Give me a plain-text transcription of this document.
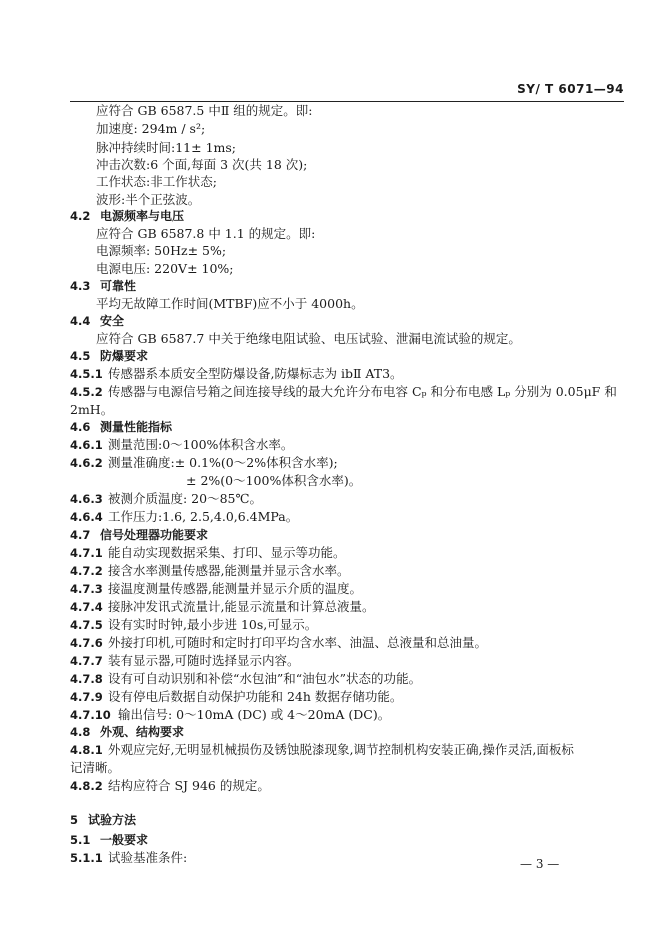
SY/ T 6071—94
应符合 GB 6587.5 中Ⅱ 组的规定。即:
加速度: 294m / s²;
脉冲持续时间:11± 1ms;
冲击次数:6 个面,每面 3 次(共 18 次);
工作状态:非工作状态;
波形:半个正弦波。
4.2 电源频率与电压
应符合 GB 6587.8 中 1.1 的规定。即:
电源频率: 50Hz± 5%;
电源电压: 220V± 10%;
4.3 可靠性
平均无故障工作时间(MTBF)应不小于 4000h。
4.4 安全
应符合 GB 6587.7 中关于绝缘电阻试验、电压试验、泄漏电流试验的规定。
4.5 防爆要求
4.5.1 传感器系本质安全型防爆设备,防爆标志为 ibⅡ AT3。
4.5.2 传感器与电源信号箱之间连接导线的最大允许分布电容 Cₚ 和分布电感 Lₚ 分别为 0.05μF 和
2mH。
4.6 测量性能指标
4.6.1 测量范围:0～100%体积含水率。
4.6.2 测量准确度:± 0.1%(0～2%体积含水率);
± 2%(0～100%体积含水率)。
4.6.3 被测介质温度: 20～85℃。
4.6.4 工作压力:1.6, 2.5,4.0,6.4MPa。
4.7 信号处理器功能要求
4.7.1 能自动实现数据采集、打印、显示等功能。
4.7.2 接含水率测量传感器,能测量并显示含水率。
4.7.3 接温度测量传感器,能测量并显示介质的温度。
4.7.4 接脉冲发讯式流量计,能显示流量和计算总液量。
4.7.5 设有实时时钟,最小步进 10s,可显示。
4.7.6 外接打印机,可随时和定时打印平均含水率、油温、总液量和总油量。
4.7.7 装有显示器,可随时选择显示内容。
4.7.8 设有可自动识别和补偿“水包油”和“油包水”状态的功能。
4.7.9 设有停电后数据自动保护功能和 24h 数据存储功能。
4.7.10 输出信号: 0～10mA (DC) 或 4～20mA (DC)。
4.8 外观、结构要求
4.8.1 外观应完好,无明显机械损伤及锈蚀脱漆现象,调节控制机构安装正确,操作灵活,面板标
记清晰。
4.8.2 结构应符合 SJ 946 的规定。
5 试验方法
5.1 一般要求
5.1.1 试验基准条件:	— 3 —
